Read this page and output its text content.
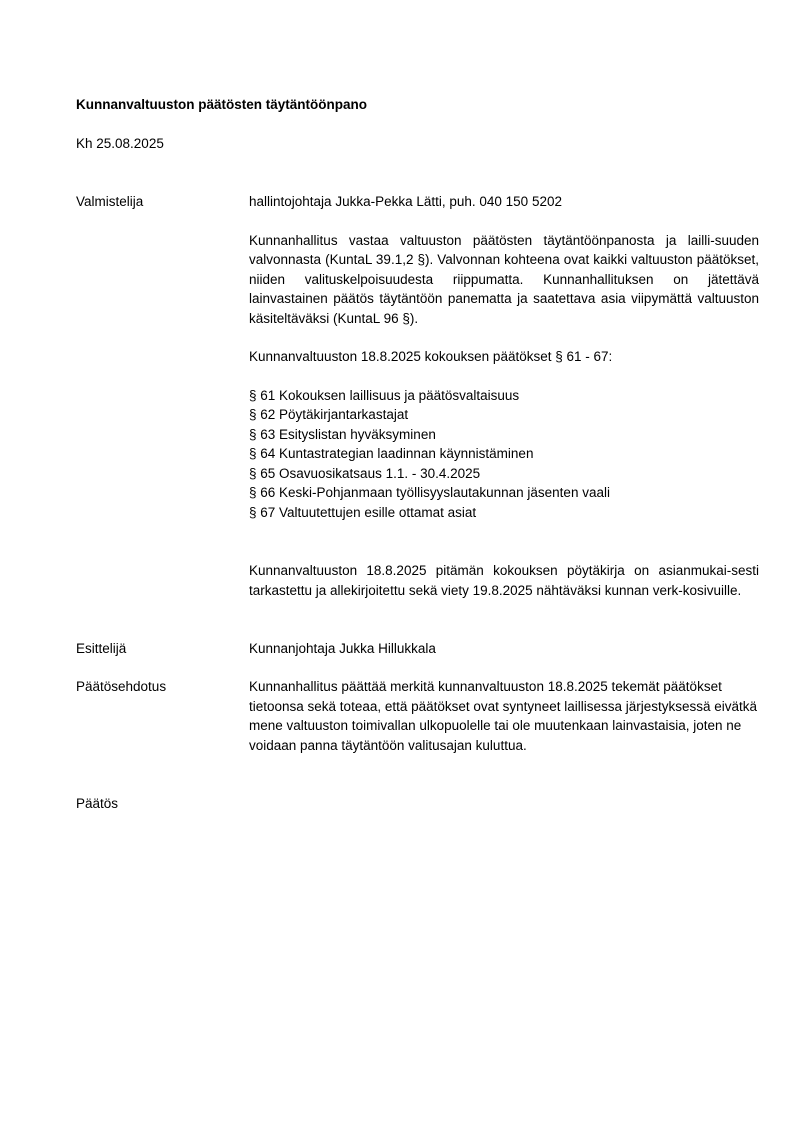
Kunnanvaltuuston päätösten täytäntöönpano
Kh 25.08.2025
Valmistelija	hallintojohtaja Jukka-Pekka Lätti, puh. 040 150 5202

Kunnanhallitus vastaa valtuuston päätösten täytäntöönpanosta ja lailli-suuden valvonnasta (KuntaL 39.1,2 §). Valvonnan kohteena ovat kaikki valtuuston päätökset, niiden valituskelpoisuudesta riippumatta. Kunnanhallituksen on jätettävä lainvastainen päätös täytäntöön panematta ja saatettava asia viipymättä valtuuston käsiteltäväksi (KuntaL 96 §).

Kunnanvaltuuston 18.8.2025 kokouksen päätökset § 61 - 67:

§ 61 Kokouksen laillisuus ja päätösvaltaisuus
§ 62 Pöytäkirjantarkastajat
§ 63 Esityslistan hyväksyminen
§ 64 Kuntastrategian laadinnan käynnistäminen
§ 65 Osavuosikatsaus 1.1. - 30.4.2025
§ 66 Keski-Pohjanmaan työllisyyslautakunnan jäsenten vaali
§ 67 Valtuutettujen esille ottamat asiat

Kunnanvaltuuston 18.8.2025 pitämän kokouksen pöytäkirja on asianmukai-sesti tarkastettu ja allekirjoitettu sekä viety 19.8.2025 nähtäväksi kunnan verk-kosivuille.

Esittelijä	Kunnanjohtaja Jukka Hillukkala
Päätösehdotus	Kunnanhallitus päättää merkitä kunnanvaltuuston 18.8.2025 tekemät päätökset tietoonsa sekä toteaa, että päätökset ovat syntyneet laillisessa järjestyksessä eivätkä mene valtuuston toimivallan ulkopuolelle tai ole muutenkaan lainvastaisia, joten ne voidaan panna täytäntöön valitusajan kuluttua.
Päätös
